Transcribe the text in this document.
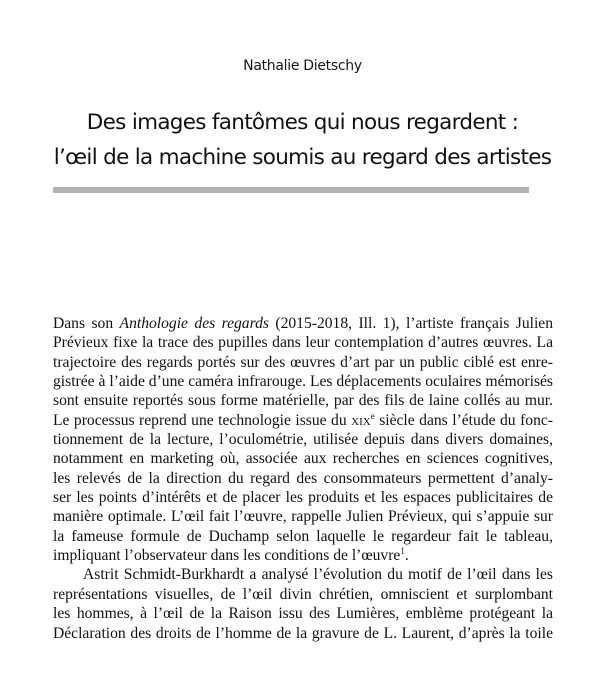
Nathalie Dietschy
Des images fantômes qui nous regardent :
l’œil de la machine soumis au regard des artistes
Dans son Anthologie des regards (2015-2018, Ill. 1), l’artiste français Julien
Prévieux fixe la trace des pupilles dans leur contemplation d’autres œuvres. La
trajectoire des regards portés sur des œuvres d’art par un public ciblé est enre-
gistrée à l’aide d’une caméra infrarouge. Les déplacements oculaires mémorisés
sont ensuite reportés sous forme matérielle, par des fils de laine collés au mur.
Le processus reprend une technologie issue du xix$^e$ siècle dans l’étude du fonc-
tionnement de la lecture, l’oculométrie, utilisée depuis dans divers domaines,
notamment en marketing où, associée aux recherches en sciences cognitives,
les relevés de la direction du regard des consommateurs permettent d’analy-
ser les points d’intérêts et de placer les produits et les espaces publicitaires de
manière optimale. L’œil fait l’œuvre, rappelle Julien Prévieux, qui s’appuie sur
la fameuse formule de Duchamp selon laquelle le regardeur fait le tableau,
impliquant l’observateur dans les conditions de l’œuvre$^1$.
Astrit Schmidt-Burkhardt a analysé l’évolution du motif de l’œil dans les
représentations visuelles, de l’œil divin chrétien, omniscient et surplombant
les hommes, à l’œil de la Raison issu des Lumières, emblème protégeant la
Déclaration des droits de l’homme de la gravure de L. Laurent, d’après la toile
